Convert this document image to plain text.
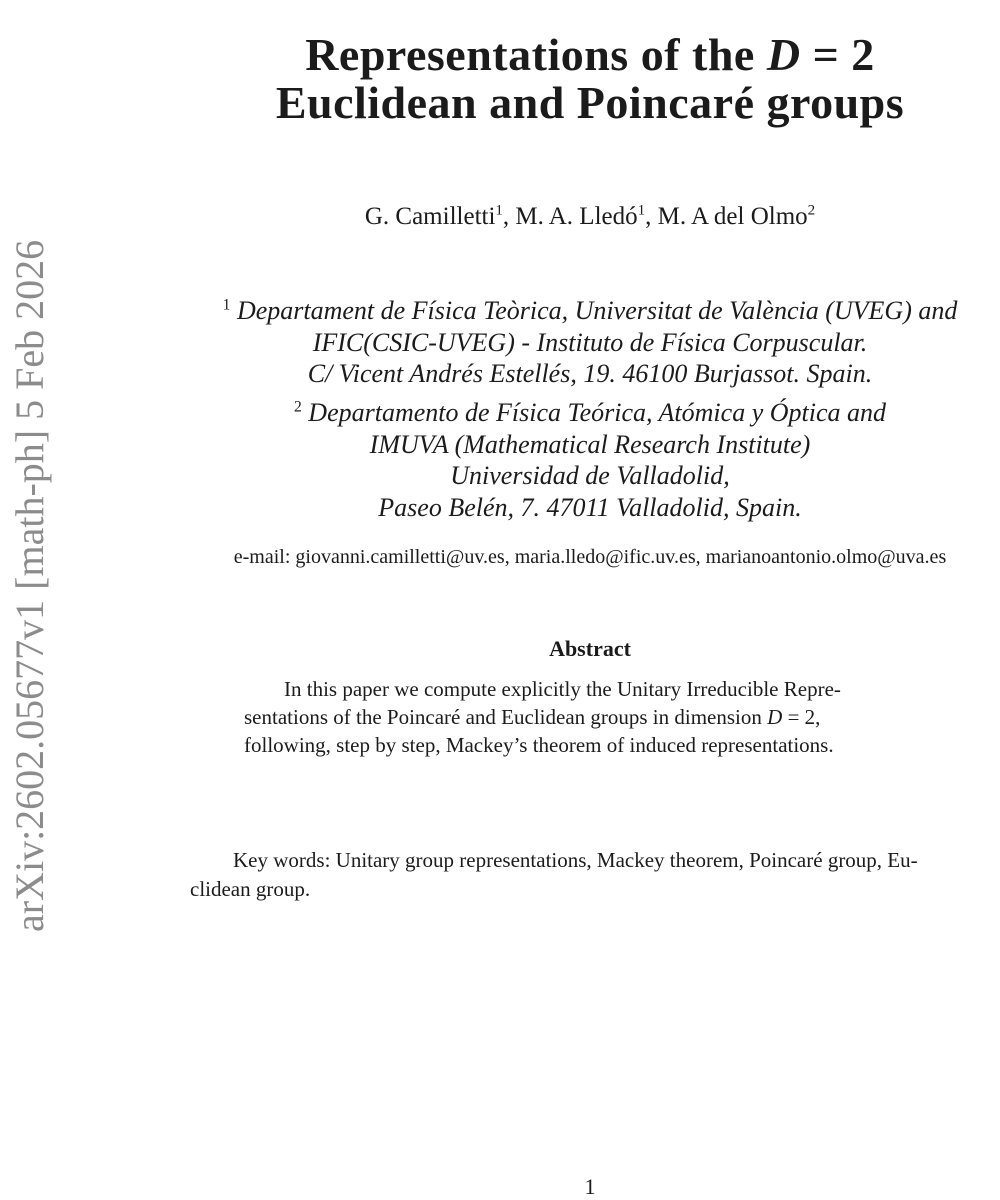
arXiv:2602.05677v1 [math-ph] 5 Feb 2026
Representations of the D = 2
Euclidean and Poincaré groups
G. Camilletti$^1$, M. A. Lledó$^1$, M. A del Olmo$^2$
$^1$ Departament de Física Teòrica, Universitat de València (UVEG) and
IFIC(CSIC-UVEG) - Instituto de Física Corpuscular.
C/ Vicent Andrés Estellés, 19. 46100 Burjassot. Spain.
$^2$ Departamento de Física Teórica, Atómica y Óptica and
IMUVA (Mathematical Research Institute)
Universidad de Valladolid,
Paseo Belén, 7. 47011 Valladolid, Spain.
e-mail: giovanni.camilletti@uv.es, maria.lledo@ific.uv.es, marianoantonio.olmo@uva.es
Abstract
In this paper we compute explicitly the Unitary Irreducible Repre-
sentations of the Poincaré and Euclidean groups in dimension D = 2,
following, step by step, Mackey’s theorem of induced representations.
Key words: Unitary group representations, Mackey theorem, Poincaré group, Eu-
clidean group.
1
